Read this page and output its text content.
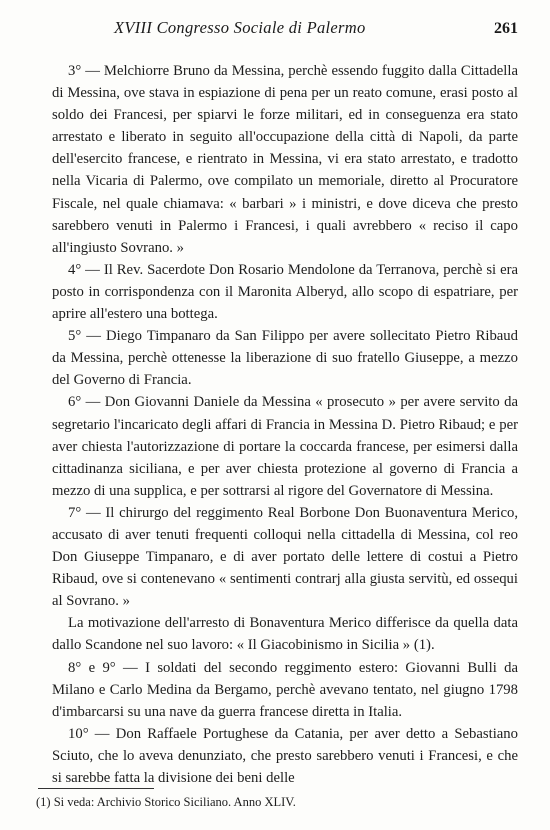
XVIII Congresso Sociale di Palermo	261

3° — Melchiorre Bruno da Messina, perchè essendo fuggito dalla Cittadella di Messina, ove stava in espiazione di pena per un reato comune, erasi posto al soldo dei Francesi, per spiarvi le forze militari, ed in conseguenza era stato arrestato e liberato in seguito all'occupazione della città di Napoli, da parte dell'esercito francese, e rientrato in Messina, vi era stato arrestato, e tradotto nella Vicaria di Palermo, ove compilato un memoriale, diretto al Procuratore Fiscale, nel quale chiamava: « barbari » i ministri, e dove diceva che presto sarebbero venuti in Palermo i Francesi, i quali avrebbero « reciso il capo all'ingiusto Sovrano. »

4° — Il Rev. Sacerdote Don Rosario Mendolone da Terranova, perchè si era posto in corrispondenza con il Maronita Alberyd, allo scopo di espatriare, per aprire all'estero una bottega.

5° — Diego Timpanaro da San Filippo per avere sollecitato Pietro Ribaud da Messina, perchè ottenesse la liberazione di suo fratello Giuseppe, a mezzo del Governo di Francia.

6° — Don Giovanni Daniele da Messina « prosecuto » per avere servito da segretario l'incaricato degli affari di Francia in Messina D. Pietro Ribaud; e per aver chiesta l'autorizzazione di portare la coccarda francese, per esimersi dalla cittadinanza siciliana, e per aver chiesta protezione al governo di Francia a mezzo di una supplica, e per sottrarsi al rigore del Governatore di Messina.

7° — Il chirurgo del reggimento Real Borbone Don Buonaventura Merico, accusato di aver tenuti frequenti colloqui nella cittadella di Messina, col reo Don Giuseppe Timpanaro, e di aver portato delle lettere di costui a Pietro Ribaud, ove si contenevano « sentimenti contrarj alla giusta servitù, ed ossequi al Sovrano. »

La motivazione dell'arresto di Bonaventura Merico differisce da quella data dallo Scandone nel suo lavoro: « Il Giacobinismo in Sicilia » (1).

8° e 9° — I soldati del secondo reggimento estero: Giovanni Bulli da Milano e Carlo Medina da Bergamo, perchè avevano tentato, nel giugno 1798 d'imbarcarsi su una nave da guerra francese diretta in Italia.

10° — Don Raffaele Portughese da Catania, per aver detto a Sebastiano Sciuto, che lo aveva denunziato, che presto sarebbero venuti i Francesi, e che si sarebbe fatta la divisione dei beni delle

(1) Si veda: Archivio Storico Siciliano. Anno XLIV.
